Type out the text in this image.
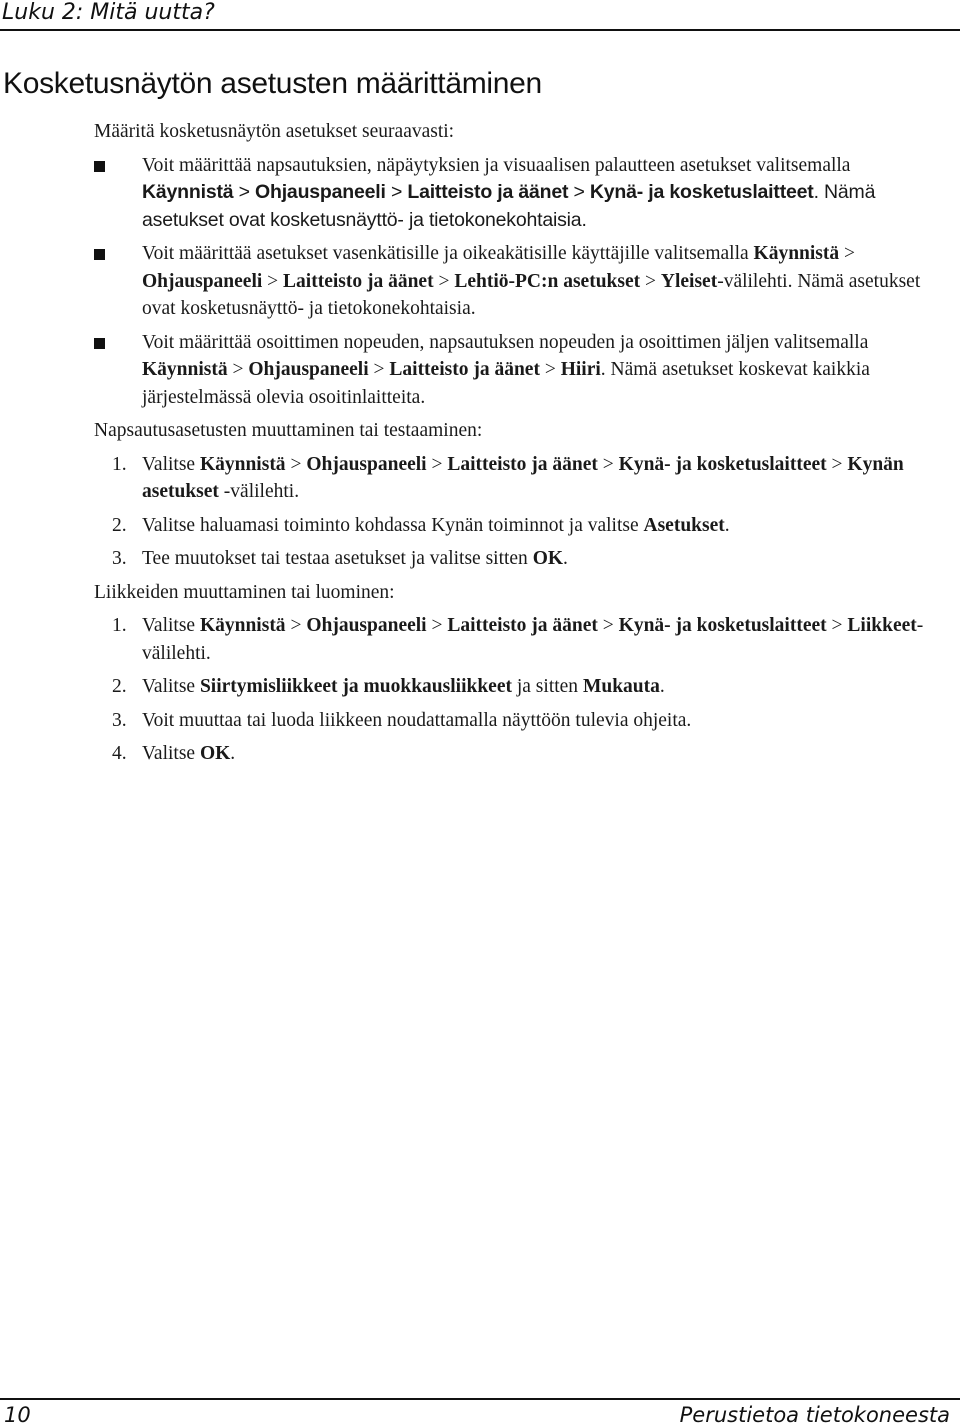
Luku 2: Mitä uutta?
Kosketusnäytön asetusten määrittäminen

Määritä kosketusnäytön asetukset seuraavasti:

Voit määrittää napsautuksien, näpäytyksien ja visuaalisen palautteen asetukset valitsemalla Käynnistä > Ohjauspaneeli > Laitteisto ja äänet > Kynä- ja kosketuslaitteet. Nämä asetukset ovat kosketusnäyttö- ja tietokonekohtaisia.
Voit määrittää asetukset vasenkätisille ja oikeakätisille käyttäjille valitsemalla Käynnistä > Ohjauspaneeli > Laitteisto ja äänet > Lehtiö-PC:n asetukset > Yleiset-välilehti. Nämä asetukset ovat kosketusnäyttö- ja tietokonekohtaisia.
Voit määrittää osoittimen nopeuden, napsautuksen nopeuden ja osoittimen jäljen valitsemalla Käynnistä > Ohjauspaneeli > Laitteisto ja äänet > Hiiri. Nämä asetukset koskevat kaikkia järjestelmässä olevia osoitinlaitteita.

Napsautusasetusten muuttaminen tai testaaminen:

1. Valitse Käynnistä > Ohjauspaneeli > Laitteisto ja äänet > Kynä- ja kosketuslaitteet > Kynän asetukset -välilehti.
2. Valitse haluamasi toiminto kohdassa Kynän toiminnot ja valitse Asetukset.
3. Tee muutokset tai testaa asetukset ja valitse sitten OK.

Liikkeiden muuttaminen tai luominen:

1. Valitse Käynnistä > Ohjauspaneeli > Laitteisto ja äänet > Kynä- ja kosketuslaitteet > Liikkeet-välilehti.
2. Valitse Siirtymisliikkeet ja muokkausliikkeet ja sitten Mukauta.
3. Voit muuttaa tai luoda liikkeen noudattamalla näyttöön tulevia ohjeita.
4. Valitse OK.
10	Perustietoa tietokoneesta
